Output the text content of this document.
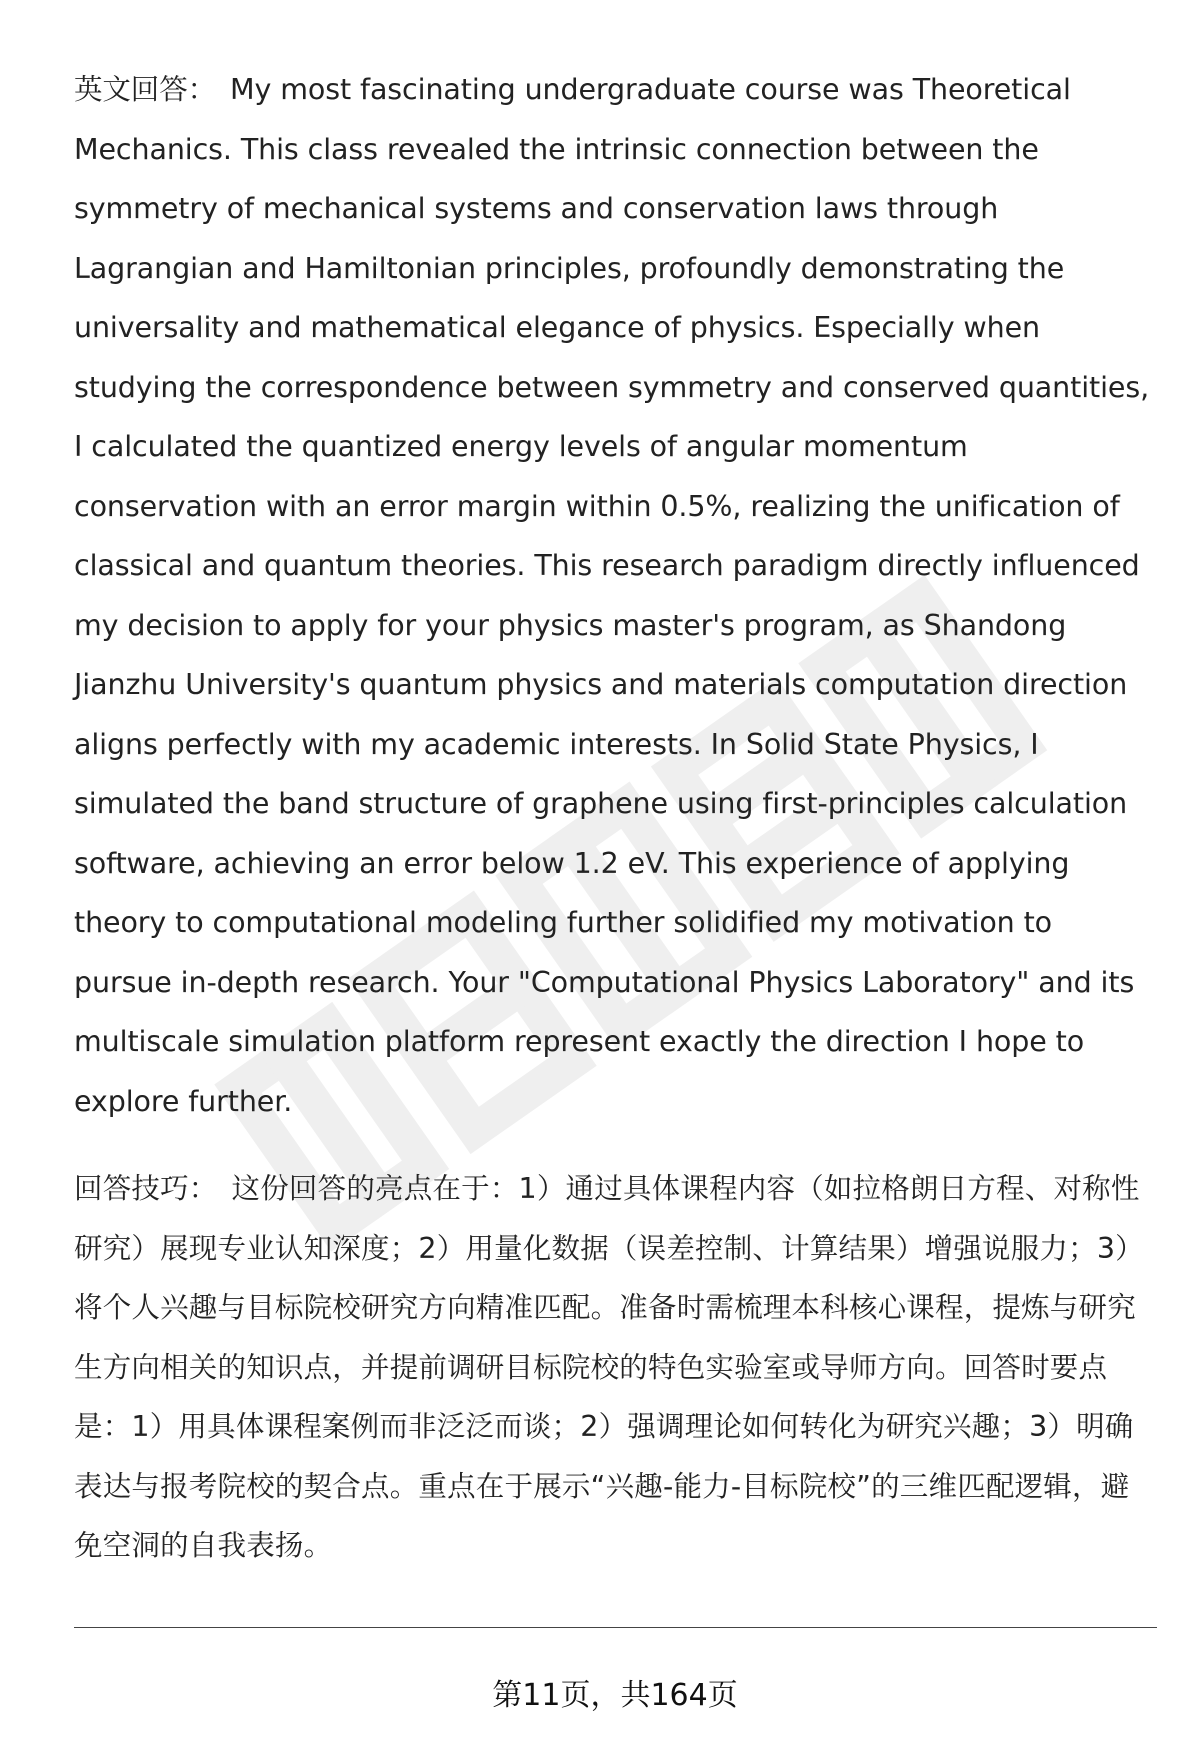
英文回答： My most fascinating undergraduate course was Theoretical Mechanics. This class revealed the intrinsic connection between the symmetry of mechanical systems and conservation laws through Lagrangian and Hamiltonian principles, profoundly demonstrating the universality and mathematical elegance of physics. Especially when studying the correspondence between symmetry and conserved quantities, I calculated the quantized energy levels of angular momentum conservation with an error margin within 0.5%, realizing the unification of classical and quantum theories. This research paradigm directly influenced my decision to apply for your physics master's program, as Shandong Jianzhu University's quantum physics and materials computation direction aligns perfectly with my academic interests. In Solid State Physics, I simulated the band structure of graphene using first-principles calculation software, achieving an error below 1.2 eV. This experience of applying theory to computational modeling further solidified my motivation to pursue in-depth research. Your "Computational Physics Laboratory" and its multiscale simulation platform represent exactly the direction I hope to explore further.

回答技巧： 这份回答的亮点在于：1）通过具体课程内容（如拉格朗日方程、对称性研究）展现专业认知深度；2）用量化数据（误差控制、计算结果）增强说服力；3）将个人兴趣与目标院校研究方向精准匹配。准备时需梳理本科核心课程，提炼与研究生方向相关的知识点，并提前调研目标院校的特色实验室或导师方向。回答时要点是：1）用具体课程案例而非泛泛而谈；2）强调理论如何转化为研究兴趣；3）明确表达与报考院校的契合点。重点在于展示“兴趣-能力-目标院校”的三维匹配逻辑，避免空洞的自我表扬。

第11页，共164页
